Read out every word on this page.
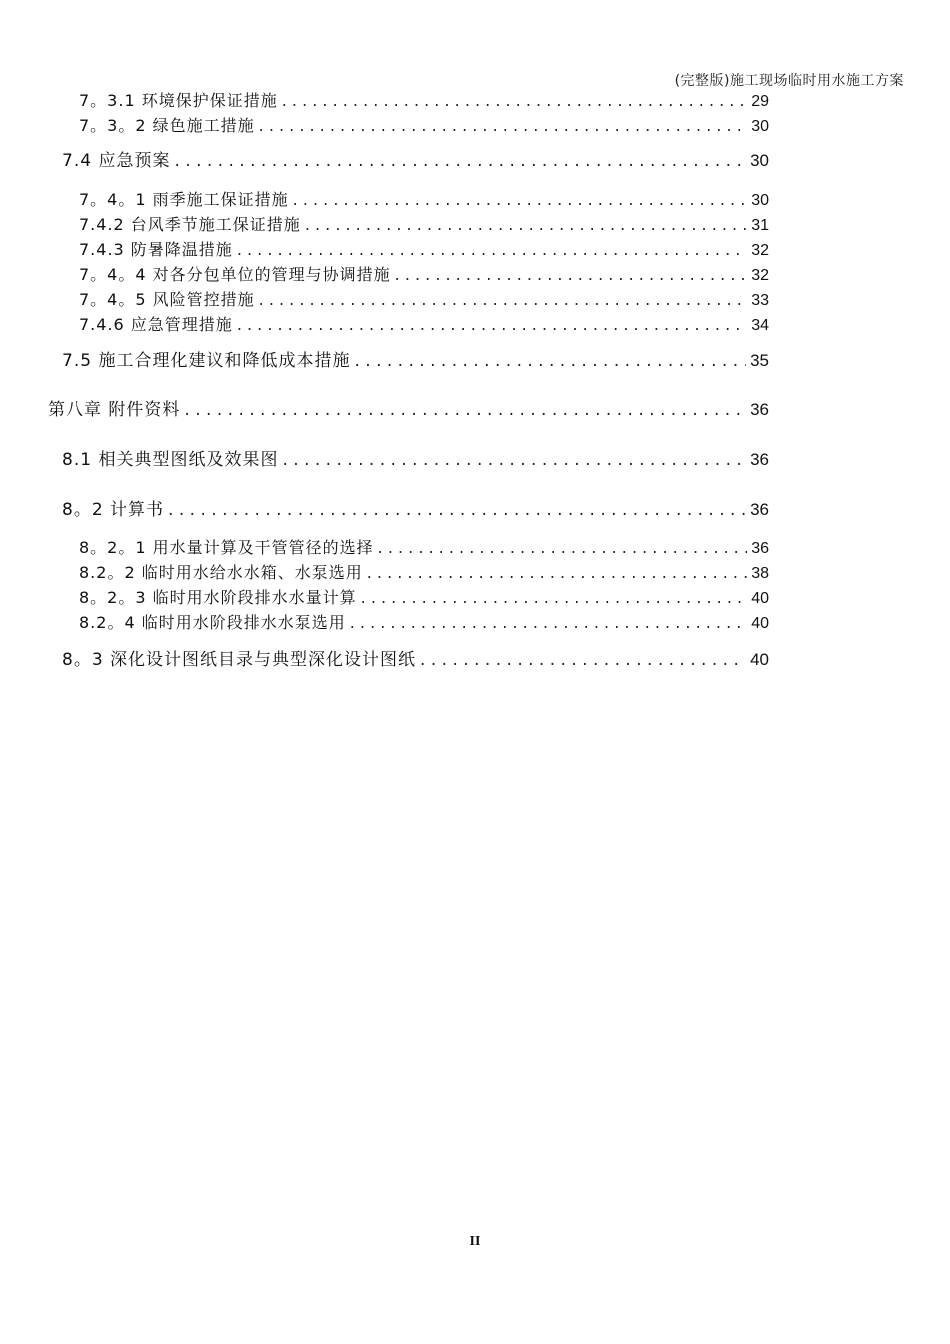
(完整版)施工现场临时用水施工方案
7。3.1 环境保护保证措施 . . .	29
7。3。2 绿色施工措施 . . .	30
7.4 应急预案 . . .	30
7。4。1 雨季施工保证措施 . . .	30
7.4.2 台风季节施工保证措施 . . .	31
7.4.3 防暑降温措施 . . .	32
7。4。4 对各分包单位的管理与协调措施 . . .	32
7。4。5 风险管控措施 . . .	33
7.4.6 应急管理措施 . . .	34
7.5 施工合理化建议和降低成本措施 . . .	35
第八章 附件资料 . . .	36
8.1 相关典型图纸及效果图 . . .	36
8。2 计算书 . . .	36
8。2。1 用水量计算及干管管径的选择 . . .	36
8.2。2 临时用水给水水箱、水泵选用 . . .	38
8。2。3 临时用水阶段排水水量计算 . . .	40
8.2。4 临时用水阶段排水水泵选用 . . .	40
8。3 深化设计图纸目录与典型深化设计图纸 . . .	40
II
